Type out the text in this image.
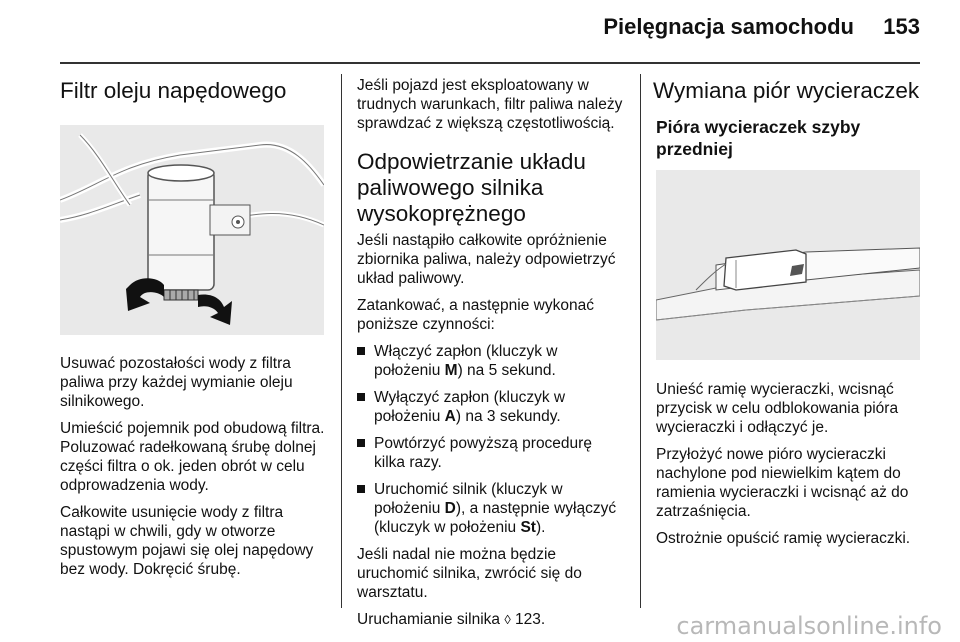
Pielęgnacja samochodu 153
Filtr oleju napędowego

Usuwać pozostałości wody z filtra paliwa przy każdej wymianie oleju silnikowego.

Umieścić pojemnik pod obudową filtra. Poluzować radełkowaną śrubę dolnej części filtra o ok. jeden obrót w celu odprowadzenia wody.

Całkowite usunięcie wody z filtra nastąpi w chwili, gdy w otworze spustowym pojawi się olej napędowy bez wody. Dokręcić śrubę.

Jeśli pojazd jest eksploatowany w trudnych warunkach, filtr paliwa należy sprawdzać z większą częstotliwością.

Odpowietrzanie układu paliwowego silnika wysokoprężnego

Jeśli nastąpiło całkowite opróżnienie zbiornika paliwa, należy odpowietrzyć układ paliwowy.

Zatankować, a następnie wykonać poniższe czynności:

Włączyć zapłon (kluczyk w położeniu M) na 5 sekund.
Wyłączyć zapłon (kluczyk w położeniu A) na 3 sekundy.
Powtórzyć powyższą procedurę kilka razy.
Uruchomić silnik (kluczyk w położeniu D), a następnie wyłączyć (kluczyk w położeniu St).

Jeśli nadal nie można będzie uruchomić silnika, zwrócić się do warsztatu.

Uruchamianie silnika ◊ 123.

Wymiana piór wycieraczek
Pióra wycieraczek szyby przedniej

Unieść ramię wycieraczki, wcisnąć przycisk w celu odblokowania pióra wycieraczki i odłączyć je.

Przyłożyć nowe pióro wycieraczki nachylone pod niewielkim kątem do ramienia wycieraczki i wcisnąć aż do zatrzaśnięcia.

Ostrożnie opuścić ramię wycieraczki.

carmanualsonline.info
